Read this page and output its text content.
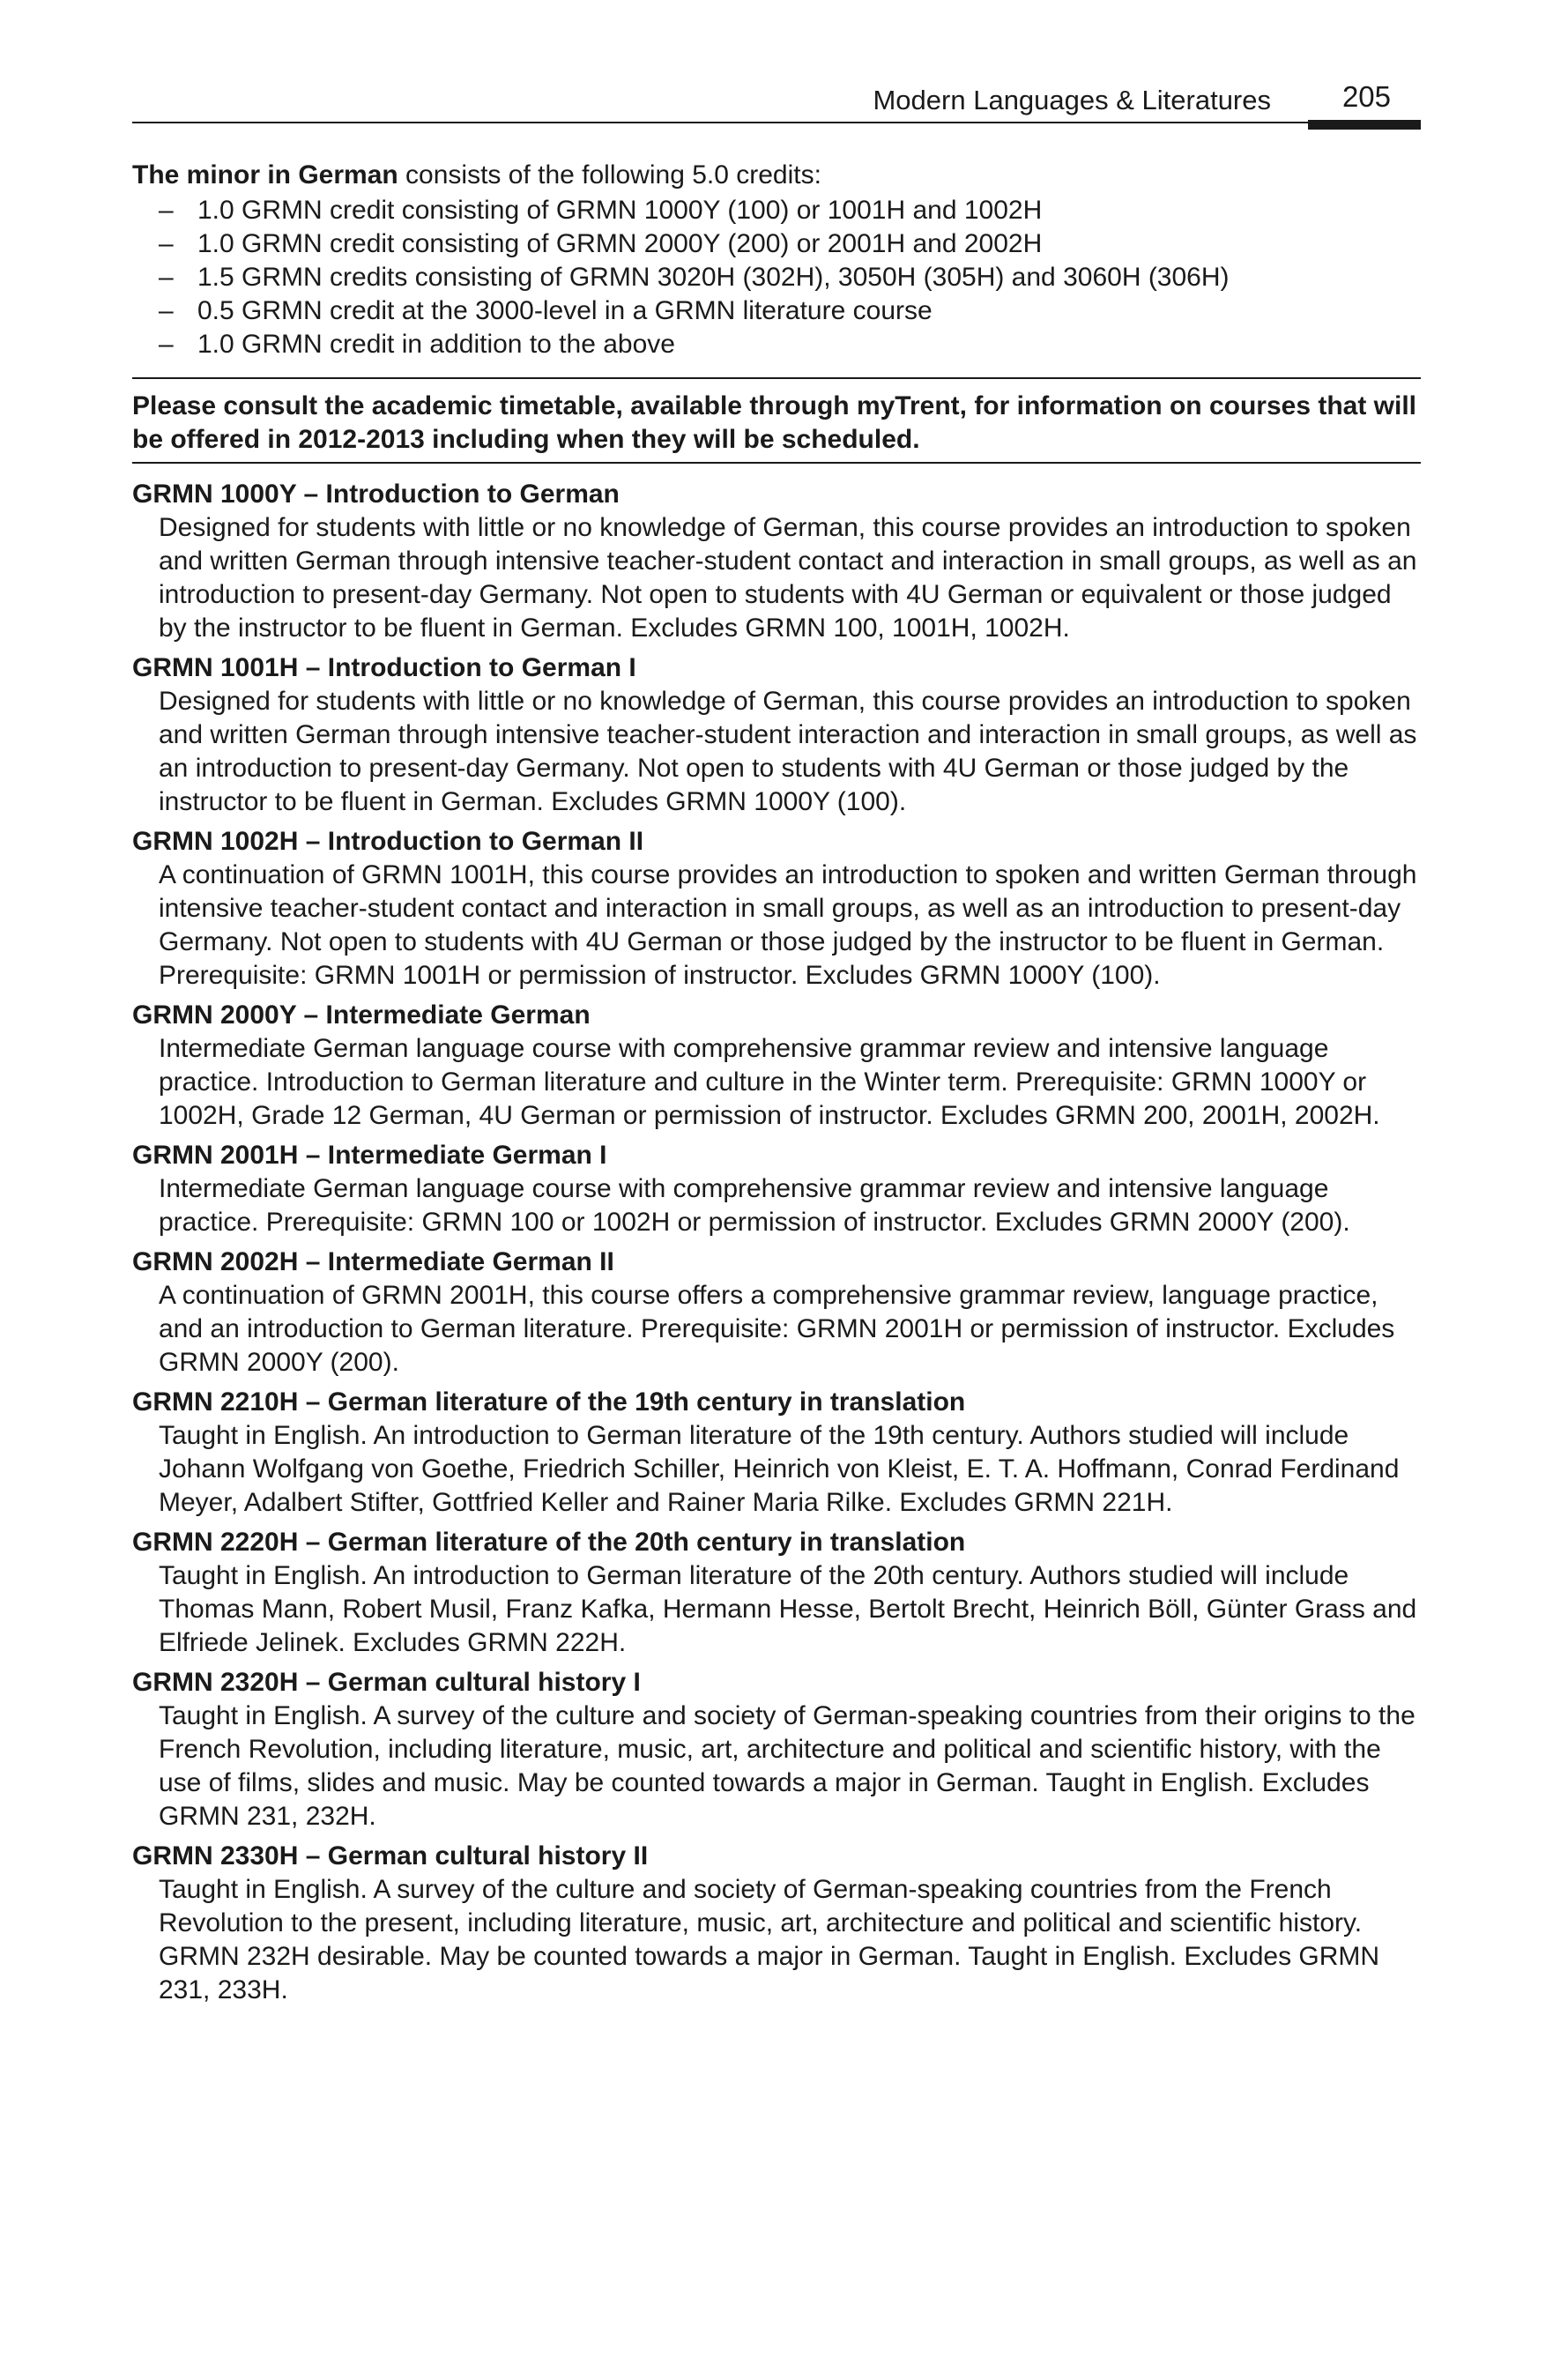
Modern Languages & Literatures 205

The minor in German consists of the following 5.0 credits:

– 1.0 GRMN credit consisting of GRMN 1000Y (100) or 1001H and 1002H
– 1.0 GRMN credit consisting of GRMN 2000Y (200) or 2001H and 2002H
– 1.5 GRMN credits consisting of GRMN 3020H (302H), 3050H (305H) and 3060H (306H)
– 0.5 GRMN credit at the 3000-level in a GRMN literature course
– 1.0 GRMN credit in addition to the above
Please consult the academic timetable, available through myTrent, for information on courses that will be offered in 2012-2013 including when they will be scheduled.

GRMN 1000Y – Introduction to German

Designed for students with little or no knowledge of German, this course provides an introduction to spoken and written German through intensive teacher-student contact and interaction in small groups, as well as an introduction to present-day Germany. Not open to students with 4U German or equivalent or those judged by the instructor to be fluent in German. Excludes GRMN 100, 1001H, 1002H.

GRMN 1001H – Introduction to German I

Designed for students with little or no knowledge of German, this course provides an introduction to spoken and written German through intensive teacher-student interaction and interaction in small groups, as well as an introduction to present-day Germany. Not open to students with 4U German or those judged by the instructor to be fluent in German. Excludes GRMN 1000Y (100).

GRMN 1002H – Introduction to German II

A continuation of GRMN 1001H, this course provides an introduction to spoken and written German through intensive teacher-student contact and interaction in small groups, as well as an introduction to present-day Germany. Not open to students with 4U German or those judged by the instructor to be fluent in German. Prerequisite: GRMN 1001H or permission of instructor. Excludes GRMN 1000Y (100).

GRMN 2000Y – Intermediate German

Intermediate German language course with comprehensive grammar review and intensive language practice. Introduction to German literature and culture in the Winter term. Prerequisite: GRMN 1000Y or 1002H, Grade 12 German, 4U German or permission of instructor. Excludes GRMN 200, 2001H, 2002H.

GRMN 2001H – Intermediate German I

Intermediate German language course with comprehensive grammar review and intensive language practice. Prerequisite: GRMN 100 or 1002H or permission of instructor. Excludes GRMN 2000Y (200).

GRMN 2002H – Intermediate German II

A continuation of GRMN 2001H, this course offers a comprehensive grammar review, language practice, and an introduction to German literature. Prerequisite: GRMN 2001H or permission of instructor. Excludes GRMN 2000Y (200).

GRMN 2210H – German literature of the 19th century in translation

Taught in English. An introduction to German literature of the 19th century. Authors studied will include Johann Wolfgang von Goethe, Friedrich Schiller, Heinrich von Kleist, E. T. A. Hoffmann, Conrad Ferdinand Meyer, Adalbert Stifter, Gottfried Keller and Rainer Maria Rilke. Excludes GRMN 221H.

GRMN 2220H – German literature of the 20th century in translation

Taught in English. An introduction to German literature of the 20th century. Authors studied will include Thomas Mann, Robert Musil, Franz Kafka, Hermann Hesse, Bertolt Brecht, Heinrich Böll, Günter Grass and Elfriede Jelinek. Excludes GRMN 222H.

GRMN 2320H – German cultural history I

Taught in English. A survey of the culture and society of German-speaking countries from their origins to the French Revolution, including literature, music, art, architecture and political and scientific history, with the use of films, slides and music. May be counted towards a major in German. Taught in English. Excludes GRMN 231, 232H.

GRMN 2330H – German cultural history II

Taught in English. A survey of the culture and society of German-speaking countries from the French Revolution to the present, including literature, music, art, architecture and political and scientific history. GRMN 232H desirable. May be counted towards a major in German. Taught in English. Excludes GRMN 231, 233H.
